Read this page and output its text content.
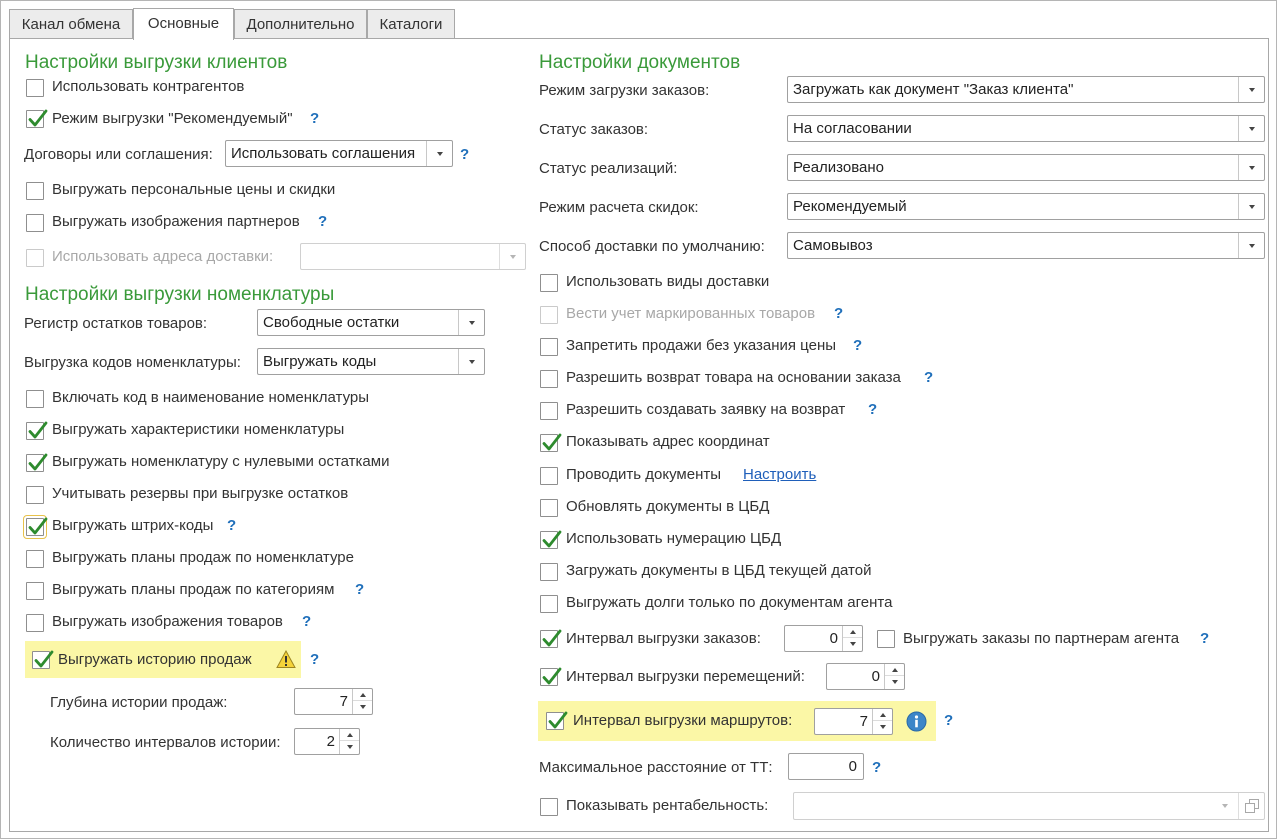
Канал обмена	Основные	Дополнительно	Каталоги
Настройки выгрузки клиентов
Использовать контрагентов
Режим выгрузки "Рекомендуемый" ?
Договоры или соглашения: Использовать соглашения	?
Выгружать персональные цены и скидки
Выгружать изображения партнеров ?
Использовать адреса доставки:
Настройки выгрузки номенклатуры
Регистр остатков товаров:	Свободные остатки
Выгрузка кодов номенклатуры: Выгружать коды
Включать код в наименование номенклатуры
Выгружать характеристики номенклатуры
Выгружать номенклатуру с нулевыми остатками
Учитывать резервы при выгрузке остатков
Выгружать штрих-коды ?
Выгружать планы продаж по номенклатуре
Выгружать планы продаж по категориям ?
Выгружать изображения товаров ?
Выгружать историю продаж	?
Глубина истории продаж:	7
Количество интервалов истории:	2
Настройки документов
Режим загрузки заказов:	Загружать как документ "Заказ клиента"
Статус заказов:	На согласовании
Статус реализаций:	Реализовано
Режим расчета скидок:	Рекомендуемый
Способ доставки по умолчанию: Самовывоз
Использовать виды доставки
Вести учет маркированных товаров ?
Запретить продажи без указания цены ?
Разрешить возврат товара на основании заказа ?
Разрешить создавать заявку на возврат ?
Показывать адрес координат
Проводить документы Настроить
Обновлять документы в ЦБД
Использовать нумерацию ЦБД
Загружать документы в ЦБД текущей датой
Выгружать долги только по документам агента
Интервал выгрузки заказов:	0	Выгружать заказы по партнерам агента ?
Интервал выгрузки перемещений:	0
Интервал выгрузки маршрутов:	7	?
Максимальное расстояние от ТТ:	0 ?
Показывать рентабельность:
